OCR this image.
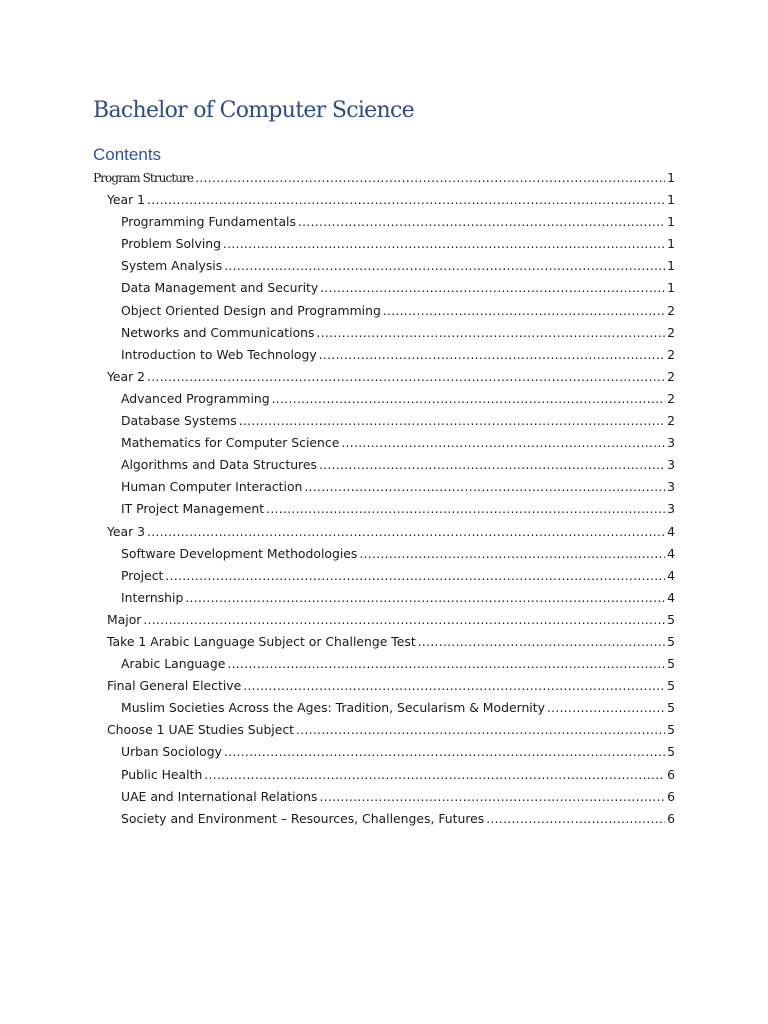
Bachelor of Computer Science
Contents
Program Structure .....	1
Year 1 .....	1
Programming Fundamentals .....	1
Problem Solving .....	1
System Analysis .....	1
Data Management and Security .....	1
Object Oriented Design and Programming .....	2
Networks and Communications .....	2
Introduction to Web Technology .....	2
Year 2 .....	2
Advanced Programming .....	2
Database Systems .....	2
Mathematics for Computer Science .....	3
Algorithms and Data Structures .....	3
Human Computer Interaction .....	3
IT Project Management .....	3
Year 3 .....	4
Software Development Methodologies .....	4
Project .....	4
Internship .....	4
Major .....	5
Take 1 Arabic Language Subject or Challenge Test .....	5
Arabic Language .....	5
Final General Elective .....	5
Muslim Societies Across the Ages: Tradition, Secularism & Modernity .....	5
Choose 1 UAE Studies Subject .....	5
Urban Sociology .....	5
Public Health .....	6
UAE and International Relations .....	6
Society and Environment – Resources, Challenges, Futures .....	6
